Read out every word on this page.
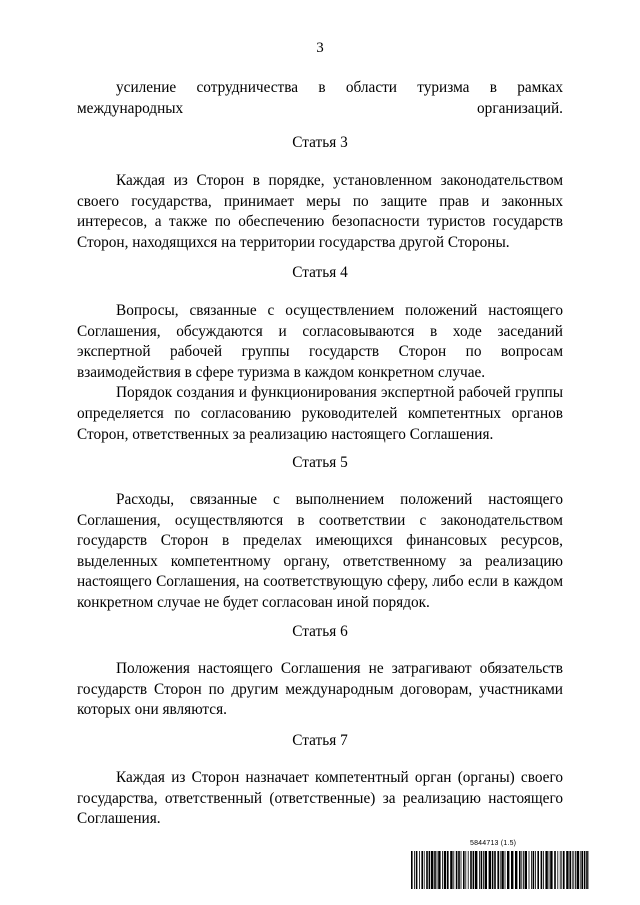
3

усиление сотрудничества в области туризма в рамках международных организаций.

Статья 3

Каждая из Сторон в порядке, установленном законодательством своего государства, принимает меры по защите прав и законных интересов, а также по обеспечению безопасности туристов государств Сторон, находящихся на территории государства другой Стороны.

Статья 4

Вопросы, связанные с осуществлением положений настоящего Соглашения, обсуждаются и согласовываются в ходе заседаний экспертной рабочей группы государств Сторон по вопросам взаимодействия в сфере туризма в каждом конкретном случае.

Порядок создания и функционирования экспертной рабочей группы определяется по согласованию руководителей компетентных органов Сторон, ответственных за реализацию настоящего Соглашения.

Статья 5

Расходы, связанные с выполнением положений настоящего Соглашения, осуществляются в соответствии с законодательством государств Сторон в пределах имеющихся финансовых ресурсов, выделенных компетентному органу, ответственному за реализацию настоящего Соглашения, на соответствующую сферу, либо если в каждом конкретном случае не будет согласован иной порядок.

Статья 6

Положения настоящего Соглашения не затрагивают обязательств государств Сторон по другим международным договорам, участниками которых они являются.

Статья 7

Каждая из Сторон назначает компетентный орган (органы) своего государства, ответственный (ответственные) за реализацию настоящего Соглашения.

5844713 (1.5)
